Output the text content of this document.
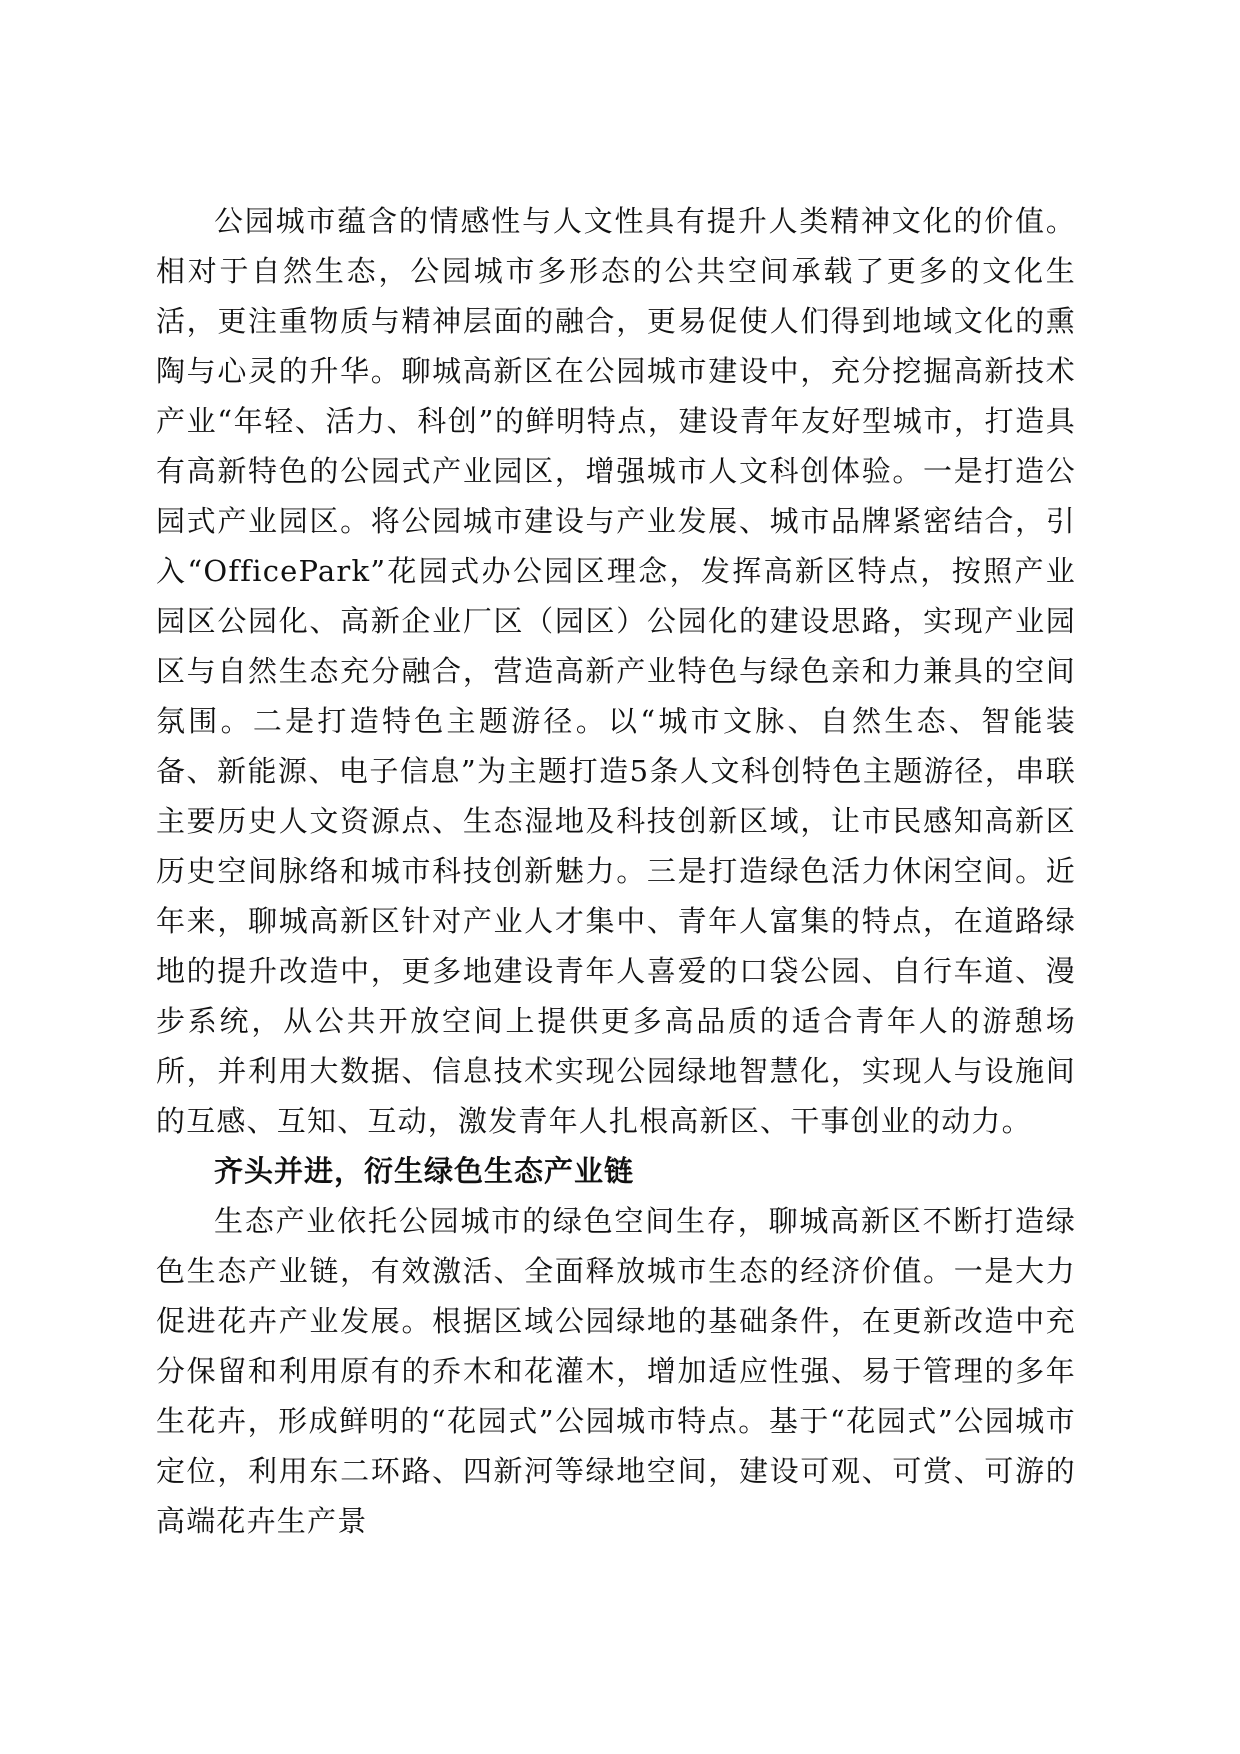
公园城市蕴含的情感性与人文性具有提升人类精神文化的价值。相对于自然生态，公园城市多形态的公共空间承载了更多的文化生活，更注重物质与精神层面的融合，更易促使人们得到地域文化的熏陶与心灵的升华。聊城高新区在公园城市建设中，充分挖掘高新技术产业“年轻、活力、科创”的鲜明特点，建设青年友好型城市，打造具有高新特色的公园式产业园区，增强城市人文科创体验。一是打造公园式产业园区。将公园城市建设与产业发展、城市品牌紧密结合，引入“OfficePark”花园式办公园区理念，发挥高新区特点，按照产业园区公园化、高新企业厂区（园区）公园化的建设思路，实现产业园区与自然生态充分融合，营造高新产业特色与绿色亲和力兼具的空间氛围。二是打造特色主题游径。以“城市文脉、自然生态、智能装备、新能源、电子信息”为主题打造5条人文科创特色主题游径，串联主要历史人文资源点、生态湿地及科技创新区域，让市民感知高新区历史空间脉络和城市科技创新魅力。三是打造绿色活力休闲空间。近年来，聊城高新区针对产业人才集中、青年人富集的特点，在道路绿地的提升改造中，更多地建设青年人喜爱的口袋公园、自行车道、漫步系统，从公共开放空间上提供更多高品质的适合青年人的游憩场所，并利用大数据、信息技术实现公园绿地智慧化，实现人与设施间的互感、互知、互动，激发青年人扎根高新区、干事创业的动力。

齐头并进，衍生绿色生态产业链

生态产业依托公园城市的绿色空间生存，聊城高新区不断打造绿色生态产业链，有效激活、全面释放城市生态的经济价值。一是大力促进花卉产业发展。根据区域公园绿地的基础条件，在更新改造中充分保留和利用原有的乔木和花灌木，增加适应性强、易于管理的多年生花卉，形成鲜明的“花园式”公园城市特点。基于“花园式”公园城市定位，利用东二环路、四新河等绿地空间，建设可观、可赏、可游的高端花卉生产景
